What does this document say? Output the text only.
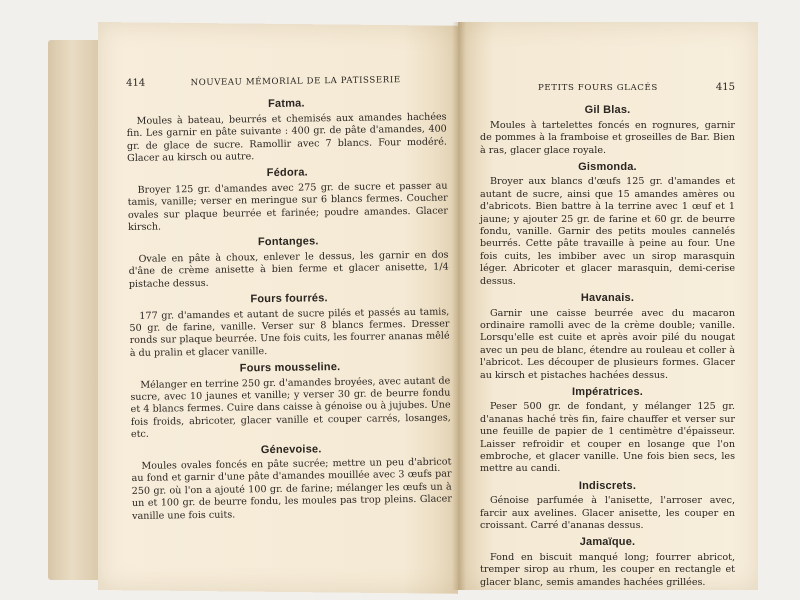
PETITS FOURS GLACÉS	415
Gil Blas.

Moules à tartelettes foncés en rognures, garnir de pommes à la framboise et groseilles de Bar. Bien à ras, glacer glace royale.

Gismonda.

Broyer aux blancs d'œufs 125 gr. d'amandes et autant de sucre, ainsi que 15 amandes amères ou d'abricots. Bien battre à la terrine avec 1 œuf et 1 jaune; y ajouter 25 gr. de farine et 60 gr. de beurre fondu, vanille. Garnir des petits moules cannelés beurrés. Cette pâte travaille à peine au four. Une fois cuits, les imbiber avec un sirop marasquin léger. Abricoter et glacer marasquin, demi-cerise dessus.

Havanais.

Garnir une caisse beurrée avec du macaron ordinaire ramolli avec de la crème double; vanille. Lorsqu'elle est cuite et après avoir pilé du nougat avec un peu de blanc, étendre au rouleau et coller à l'abricot. Les découper de plusieurs formes. Glacer au kirsch et pistaches hachées dessus.

Impératrices.

Peser 500 gr. de fondant, y mélanger 125 gr. d'ananas haché très fin, faire chauffer et verser sur une feuille de papier de 1 centimètre d'épaisseur. Laisser refroidir et couper en losange que l'on embroche, et glacer vanille. Une fois bien secs, les mettre au candi.

Indiscrets.

Génoise parfumée à l'anisette, l'arroser avec, farcir aux avelines. Glacer anisette, les couper en croissant. Carré d'ananas dessus.

Jamaïque.

Fond en biscuit manqué long; fourrer abricot, tremper sirop au rhum, les couper en rectangle et glacer blanc, semis amandes hachées grillées.

414	NOUVEAU MÉMORIAL DE LA PATISSERIE
Fatma.

Moules à bateau, beurrés et chemisés aux amandes hachées fin. Les garnir en pâte suivante : 400 gr. de pâte d'amandes, 400 gr. de glace de sucre. Ramollir avec 7 blancs. Four modéré. Glacer au kirsch ou autre.

Fédora.

Broyer 125 gr. d'amandes avec 275 gr. de sucre et passer au tamis, vanille; verser en meringue sur 6 blancs fermes. Coucher ovales sur plaque beurrée et farinée; poudre amandes. Glacer kirsch.

Fontanges.

Ovale en pâte à choux, enlever le dessus, les garnir en dos d'âne de crème anisette à bien ferme et glacer anisette, 1/4 pistache dessus.

Fours fourrés.

177 gr. d'amandes et autant de sucre pilés et passés au tamis, 50 gr. de farine, vanille. Verser sur 8 blancs fermes. Dresser ronds sur plaque beurrée. Une fois cuits, les fourrer ananas mêlé à du pralin et glacer vanille.

Fours mousseline.

Mélanger en terrine 250 gr. d'amandes broyées, avec autant de sucre, avec 10 jaunes et vanille; y verser 30 gr. de beurre fondu et 4 blancs fermes. Cuire dans caisse à génoise ou à jujubes. Une fois froids, abricoter, glacer vanille et couper carrés, losanges, etc.

Génevoise.

Moules ovales foncés en pâte sucrée; mettre un peu d'abricot au fond et garnir d'une pâte d'amandes mouillée avec 3 œufs par 250 gr. où l'on a ajouté 100 gr. de farine; mélanger les œufs un à un et 100 gr. de beurre fondu, les moules pas trop pleins. Glacer vanille une fois cuits.
